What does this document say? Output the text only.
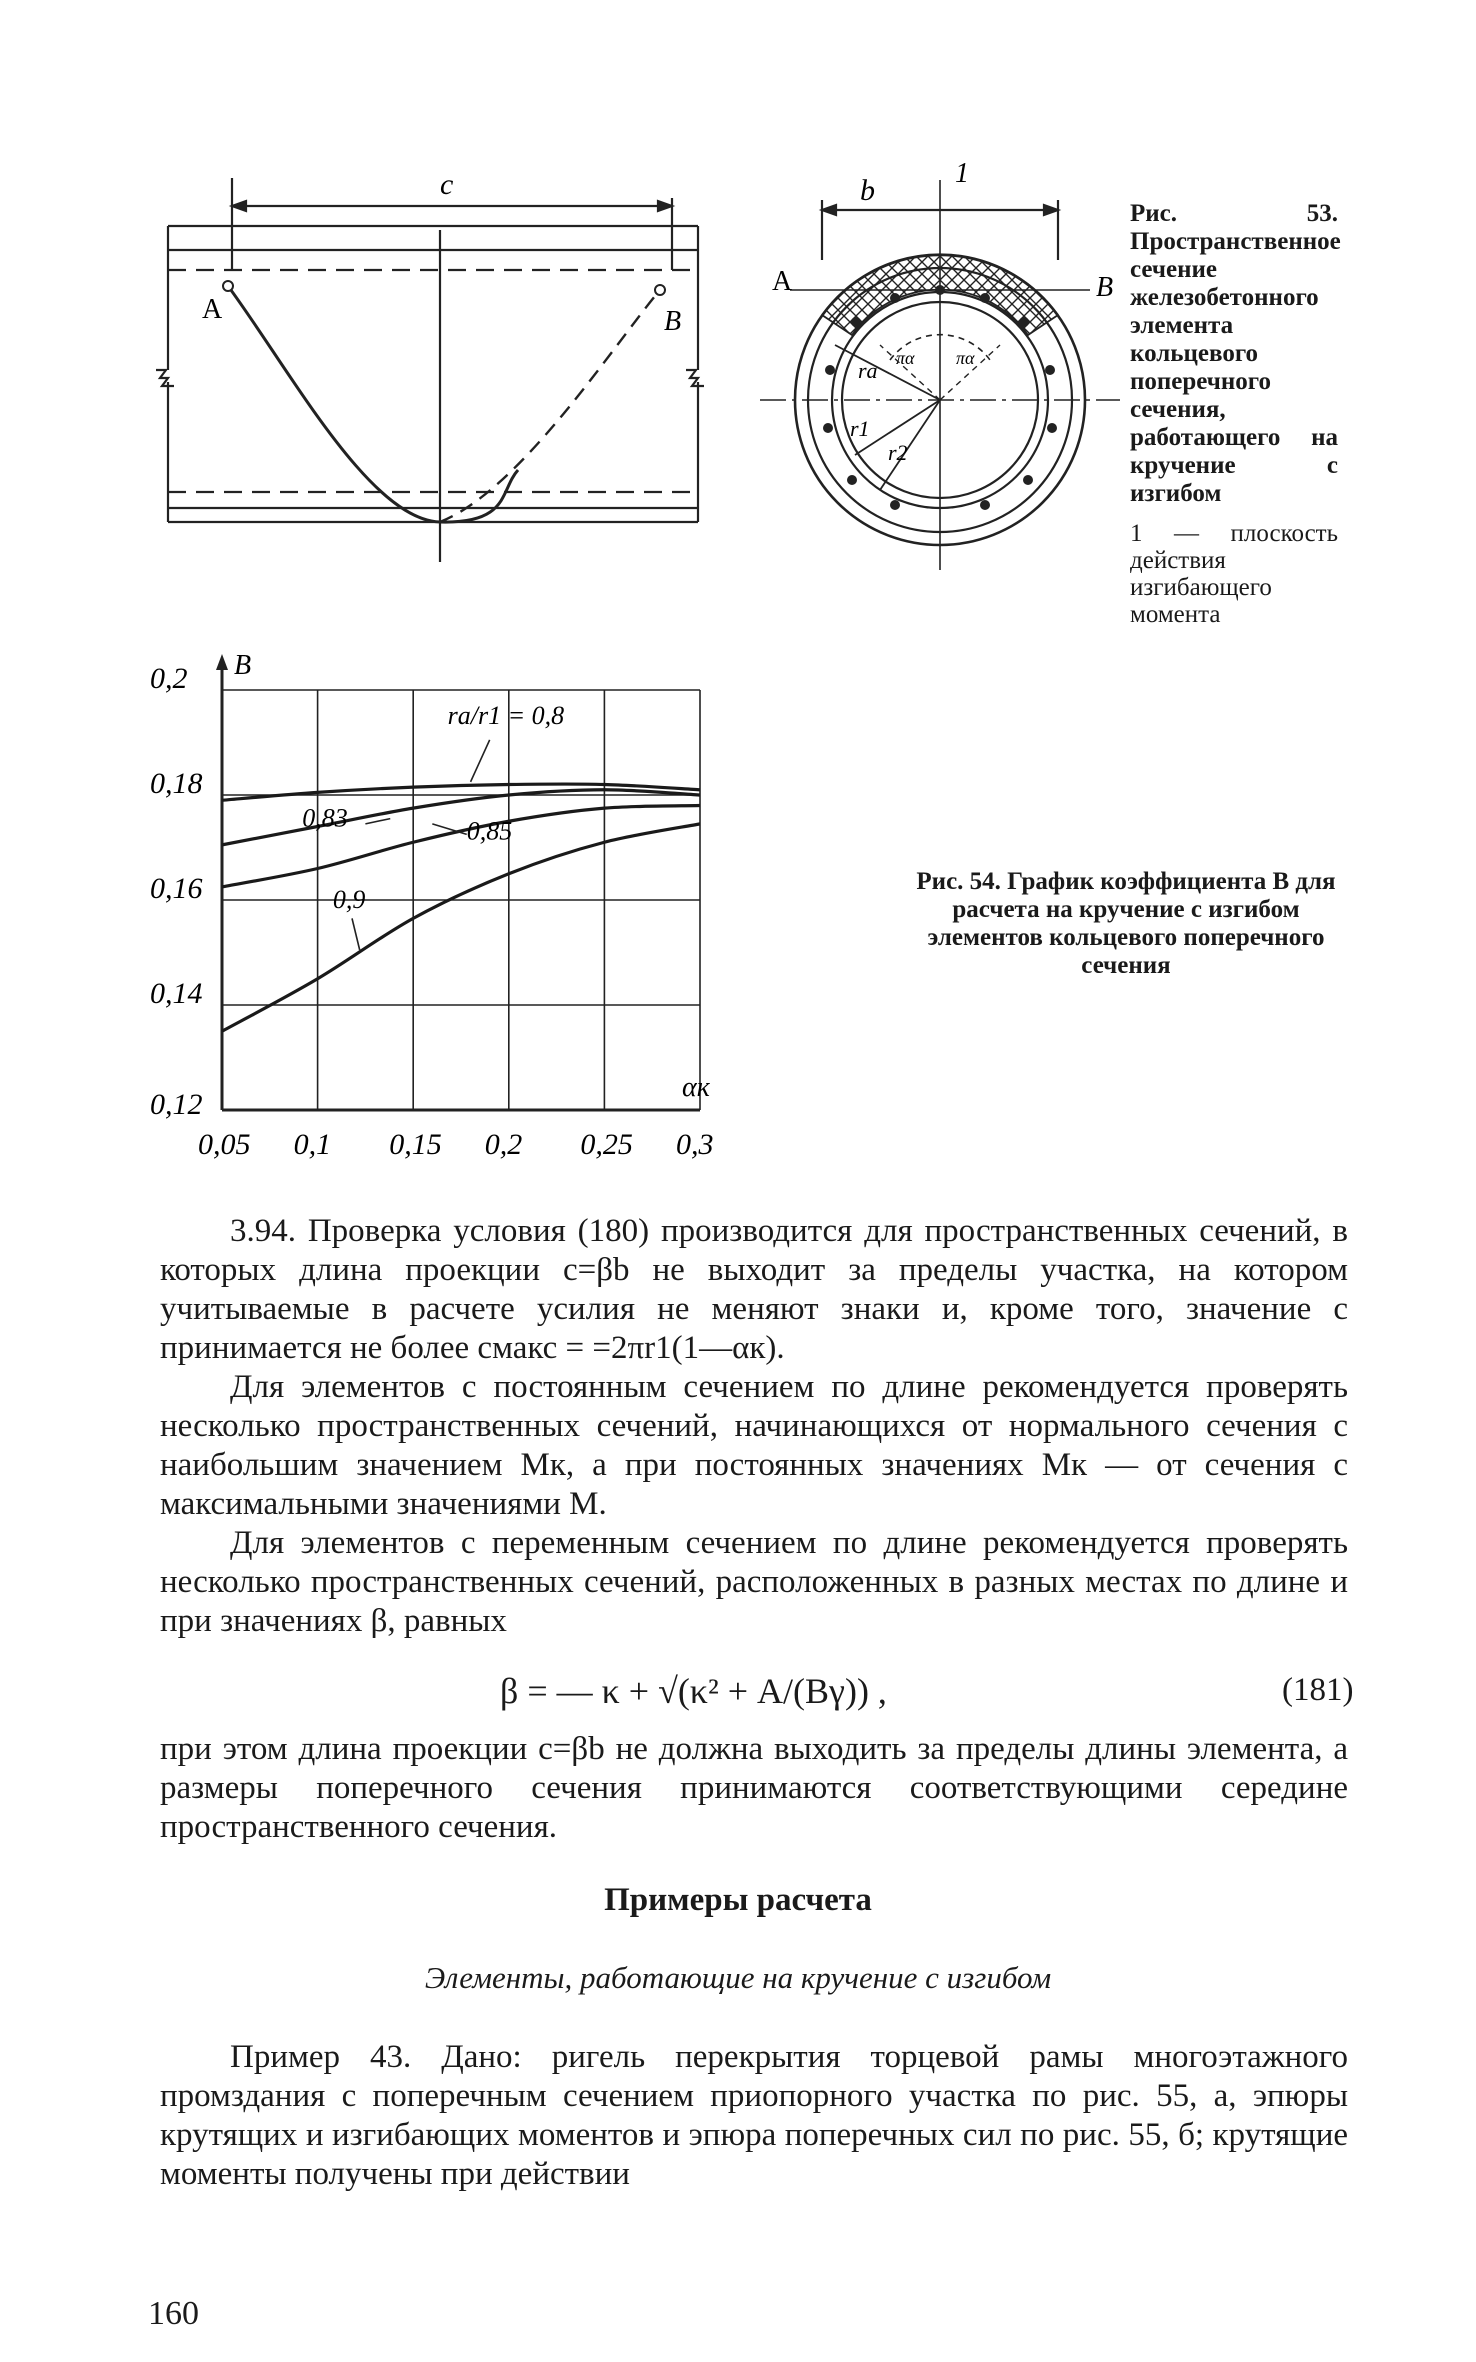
c
A	B
b
1
A	B
ra
r1
r2
πα πα
Рис. 53. Пространственное сечение железобетонного элемента кольцевого поперечного сечения, работающего на кручение с изгибом
1 — плоскость действия изгибающего момента
0,05 0,1 0,15 0,2 0,25 0,3
0,12
0,14
0,16
0,18
0,2 B
αк
rа/r1 = 0,8
0,83	0,85
0,9
Рис. 54. График коэффициента B для расчета на кручение с изгибом элементов кольцевого поперечного сечения

3.94. Проверка условия (180) производится для пространственных сечений, в которых длина проекции c=βb не выходит за пределы участка, на котором учитываемые в расчете усилия не меняют знаки и, кроме того, значение c принимается не более cмакс = =2πr1(1—αк).

Для элементов с постоянным сечением по длине рекомендуется проверять несколько пространственных сечений, начинающихся от нормального сечения с наибольшим значением Mк, а при постоянных значениях Mк — от сечения с максимальными значениями M.

Для элементов с переменным сечением по длине рекомендуется проверять несколько пространственных сечений, расположенных в разных местах по длине и при значениях β, равных

β = — κ + √(κ² + A/(Bγ)) ,	(181)

при этом длина проекции c=βb не должна выходить за пределы длины элемента, а размеры поперечного сечения принимаются соответствующими середине пространственного сечения.

Примеры расчета
Элементы, работающие на кручение с изгибом

Пример 43. Дано: ригель перекрытия торцевой рамы многоэтажного промздания с поперечным сечением приопорного участка по рис. 55, а, эпюры крутящих и изгибающих моментов и эпюра поперечных сил по рис. 55, б; крутящие моменты получены при действии

160
